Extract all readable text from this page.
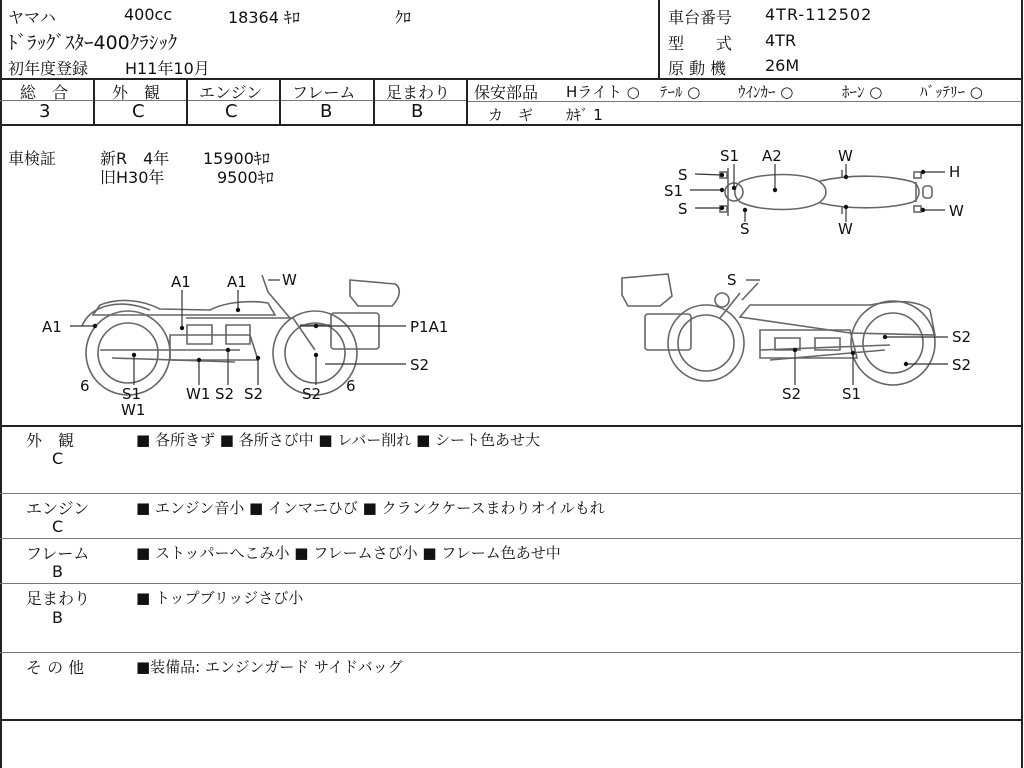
ヤマハ	400cc	18364 ｷﾛ	ｸﾛ
ﾄﾞﾗｯｸﾞｽﾀｰ400ｸﾗｼｯｸ
初年度登録 H11年10月
車台番号 4TR-112502
型　　式 4TR
原 動 機 26M
総　合	外　観 エンジン フレーム 足まわり
3	C	C	B	B
保安部品 Hライト ○ ﾃｰﾙ ○	ｳｲﾝｶｰ ○	ﾎｰﾝ ○	ﾊﾞｯﾃﾘｰ ○
カ　ギ ｶｷﾞ 1
車検証	新R　4年 15900ｷﾛ
旧H30年	9500ｷﾛ	S
S1
S
S1 A2	W
S	W
H
W
A1
A1 A1 W
P1A1
S2
6	6
S1
W1
W1 S2 S2	S2
S
S2
S2
S2	S1
外　観
C
■ 各所きず ■ 各所さび中 ■ レバー削れ ■ シート色あせ大
エンジン
C
■ エンジン音小 ■ インマニひび ■ クランクケースまわりオイルもれ
フレーム
B
■ ストッパーへこみ小 ■ フレームさび小 ■ フレーム色あせ中
足まわり
B
■ トップブリッジさび小
そ の 他	■装備品: エンジンガード サイドバッグ
